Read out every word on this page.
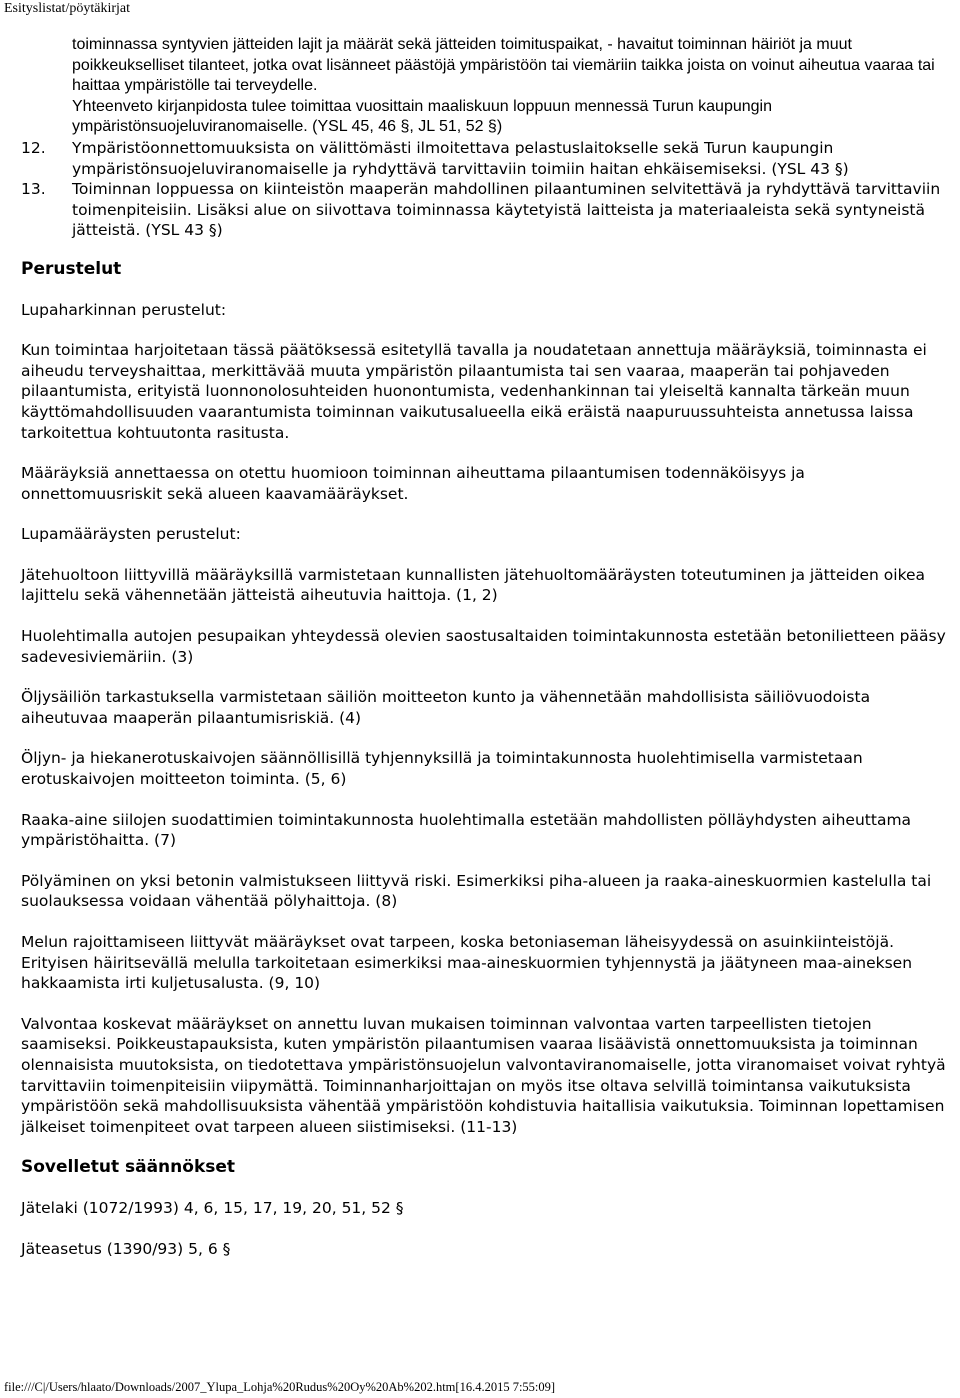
Esityslistat/pöytäkirjat

toiminnassa syntyvien jätteiden lajit ja määrät sekä jätteiden toimituspaikat, - havaitut toiminnan häiriöt ja muut poikkeukselliset tilanteet, jotka ovat lisänneet päästöjä ympäristöön tai viemäriin taikka joista on voinut aiheutua vaaraa tai haittaa ympäristölle tai terveydelle.

Yhteenveto kirjanpidosta tulee toimittaa vuosittain maaliskuun loppuun mennessä Turun kaupungin ympäristönsuojeluviranomaiselle. (YSL 45, 46 §, JL 51, 52 §)

12. Ympäristöonnettomuuksista on välittömästi ilmoitettava pelastuslaitokselle sekä Turun kaupungin ympäristönsuojeluviranomaiselle ja ryhdyttävä tarvittaviin toimiin haitan ehkäisemiseksi. (YSL 43 §)

13. Toiminnan loppuessa on kiinteistön maaperän mahdollinen pilaantuminen selvitettävä ja ryhdyttävä tarvittaviin toimenpiteisiin. Lisäksi alue on siivottava toiminnassa käytetyistä laitteista ja materiaaleista sekä syntyneistä jätteistä. (YSL 43 §)

Perustelut

Lupaharkinnan perustelut:

Kun toimintaa harjoitetaan tässä päätöksessä esitetyllä tavalla ja noudatetaan annettuja määräyksiä, toiminnasta ei aiheudu terveyshaittaa, merkittävää muuta ympäristön pilaantumista tai sen vaaraa, maaperän tai pohjaveden pilaantumista, erityistä luonnonolosuhteiden huonontumista, vedenhankinnan tai yleiseltä kannalta tärkeän muun käyttömahdollisuuden vaarantumista toiminnan vaikutusalueella eikä eräistä naapuruussuhteista annetussa laissa tarkoitettua kohtuutonta rasitusta.

Määräyksiä annettaessa on otettu huomioon toiminnan aiheuttama pilaantumisen todennäköisyys ja onnettomuusriskit sekä alueen kaavamääräykset.

Lupamääräysten perustelut:

Jätehuoltoon liittyvillä määräyksillä varmistetaan kunnallisten jätehuoltomääräysten toteutuminen ja jätteiden oikea lajittelu sekä vähennetään jätteistä aiheutuvia haittoja. (1, 2)

Huolehtimalla autojen pesupaikan yhteydessä olevien saostusaltaiden toimintakunnosta estetään betonilietteen pääsy sadevesiviemäriin. (3)

Öljysäiliön tarkastuksella varmistetaan säiliön moitteeton kunto ja vähennetään mahdollisista säiliövuodoista aiheutuvaa maaperän pilaantumisriskiä. (4)

Öljyn- ja hiekanerotuskaivojen säännöllisillä tyhjennyksillä ja toimintakunnosta huolehtimisella varmistetaan erotuskaivojen moitteeton toiminta. (5, 6)

Raaka-aine siilojen suodattimien toimintakunnosta huolehtimalla estetään mahdollisten pölläyhdysten aiheuttama ympäristöhaitta. (7)

Pölyäminen on yksi betonin valmistukseen liittyvä riski. Esimerkiksi piha-alueen ja raaka-aineskuormien kastelulla tai suolauksessa voidaan vähentää pölyhaittoja. (8)

Melun rajoittamiseen liittyvät määräykset ovat tarpeen, koska betoniaseman läheisyydessä on asuinkiinteistöjä. Erityisen häiritsevällä melulla tarkoitetaan esimerkiksi maa-aineskuormien tyhjennystä ja jäätyneen maa-aineksen hakkaamista irti kuljetusalusta. (9, 10)

Valvontaa koskevat määräykset on annettu luvan mukaisen toiminnan valvontaa varten tarpeellisten tietojen saamiseksi. Poikkeustapauksista, kuten ympäristön pilaantumisen vaaraa lisäävistä onnettomuuksista ja toiminnan olennaisista muutoksista, on tiedotettava ympäristönsuojelun valvontaviranomaiselle, jotta viranomaiset voivat ryhtyä tarvittaviin toimenpiteisiin viipymättä. Toiminnanharjoittajan on myös itse oltava selvillä toimintansa vaikutuksista ympäristöön sekä mahdollisuuksista vähentää ympäristöön kohdistuvia haitallisia vaikutuksia. Toiminnan lopettamisen jälkeiset toimenpiteet ovat tarpeen alueen siistimiseksi. (11-13)

Sovelletut säännökset

Jätelaki (1072/1993) 4, 6, 15, 17, 19, 20, 51, 52 §

Jäteasetus (1390/93) 5, 6 §

file:///C|/Users/hlaato/Downloads/2007_Ylupa_Lohja%20Rudus%20Oy%20Ab%202.htm[16.4.2015 7:55:09]
